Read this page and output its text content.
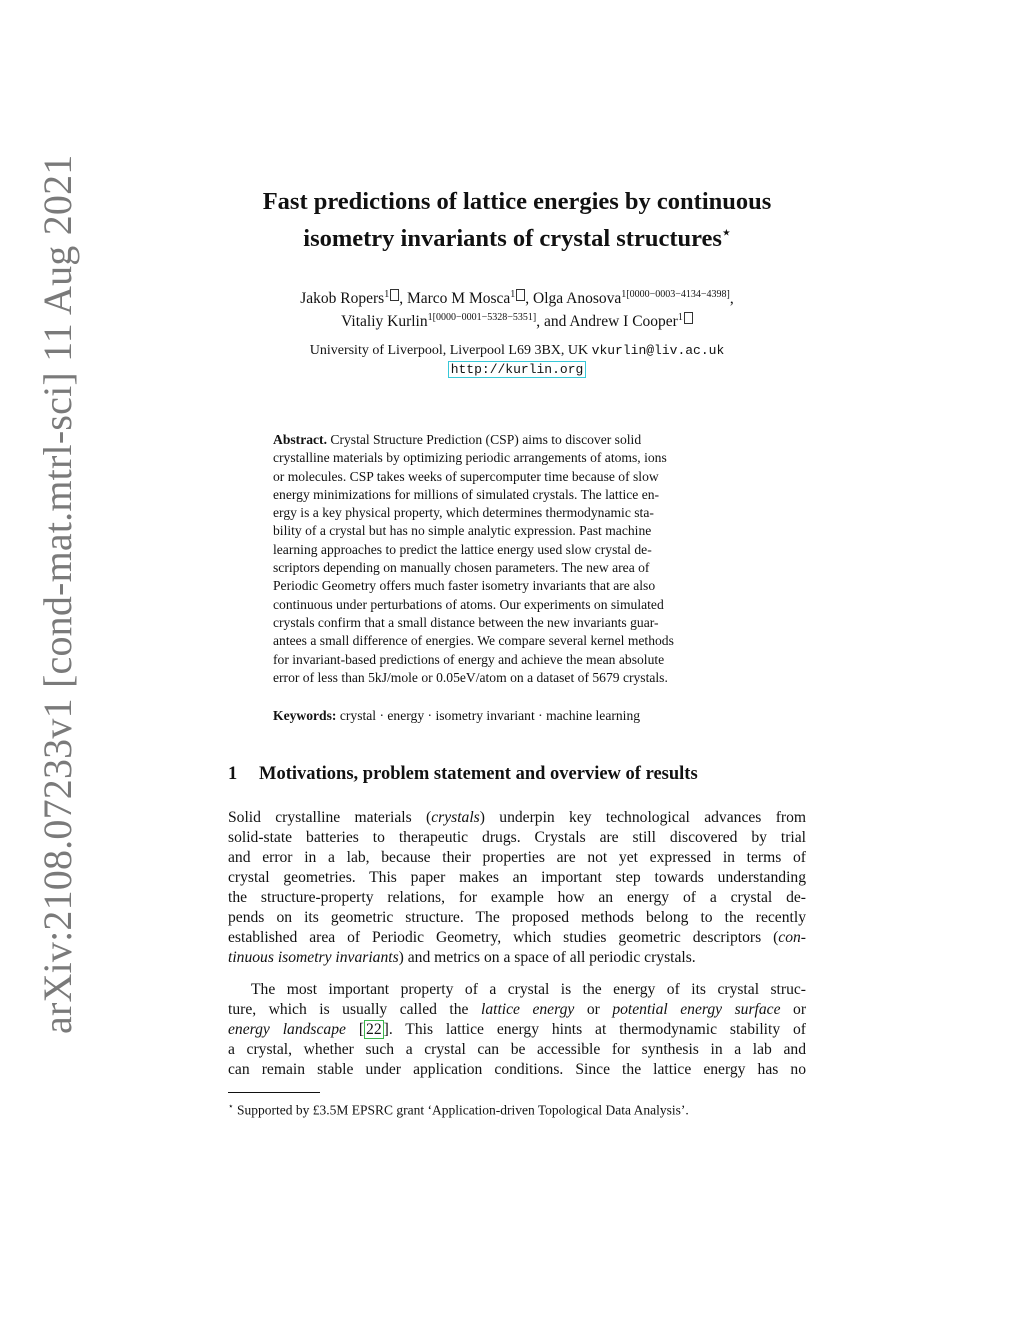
arXiv:2108.07233v1 [cond-mat.mtrl-sci] 11 Aug 2021	Fast predictions of lattice energies by continuous
isometry invariants of crystal structures⋆
Jakob Ropers$^1$ , Marco M Mosca$^1$ , Olga Anosova$^{1[0000-0003-4134-4398]}$,
Vitaliy Kurlin$^{1[0000-0001-5328-5351]}$, and Andrew I Cooper$^1$
University of Liverpool, Liverpool L69 3BX, UK vkurlin@liv.ac.uk
http://kurlin.org
Abstract. Crystal Structure Prediction (CSP) aims to discover solid
crystalline materials by optimizing periodic arrangements of atoms, ions
or molecules. CSP takes weeks of supercomputer time because of slow
energy minimizations for millions of simulated crystals. The lattice en-
ergy is a key physical property, which determines thermodynamic sta-
bility of a crystal but has no simple analytic expression. Past machine
learning approaches to predict the lattice energy used slow crystal de-
scriptors depending on manually chosen parameters. The new area of
Periodic Geometry offers much faster isometry invariants that are also
continuous under perturbations of atoms. Our experiments on simulated
crystals confirm that a small distance between the new invariants guar-
antees a small difference of energies. We compare several kernel methods
for invariant-based predictions of energy and achieve the mean absolute
error of less than 5kJ/mole or 0.05eV/atom on a dataset of 5679 crystals.
Keywords: crystal · energy · isometry invariant · machine learning
1 Motivations, problem statement and overview of results
Solid crystalline materials (crystals) underpin key technological advances from
solid-state batteries to therapeutic drugs. Crystals are still discovered by trial
and error in a lab, because their properties are not yet expressed in terms of
crystal geometries. This paper makes an important step towards understanding
the structure-property relations, for example how an energy of a crystal de-
pends on its geometric structure. The proposed methods belong to the recently
established area of Periodic Geometry, which studies geometric descriptors (con-
tinuous isometry invariants) and metrics on a space of all periodic crystals.
The most important property of a crystal is the energy of its crystal struc-
ture, which is usually called the lattice energy or potential energy surface or
energy landscape [ 22 ]. This lattice energy hints at thermodynamic stability of
a crystal, whether such a crystal can be accessible for synthesis in a lab and
can remain stable under application conditions. Since the lattice energy has no
⋆ Supported by £3.5M EPSRC grant ‘Application-driven Topological Data Analysis’.
